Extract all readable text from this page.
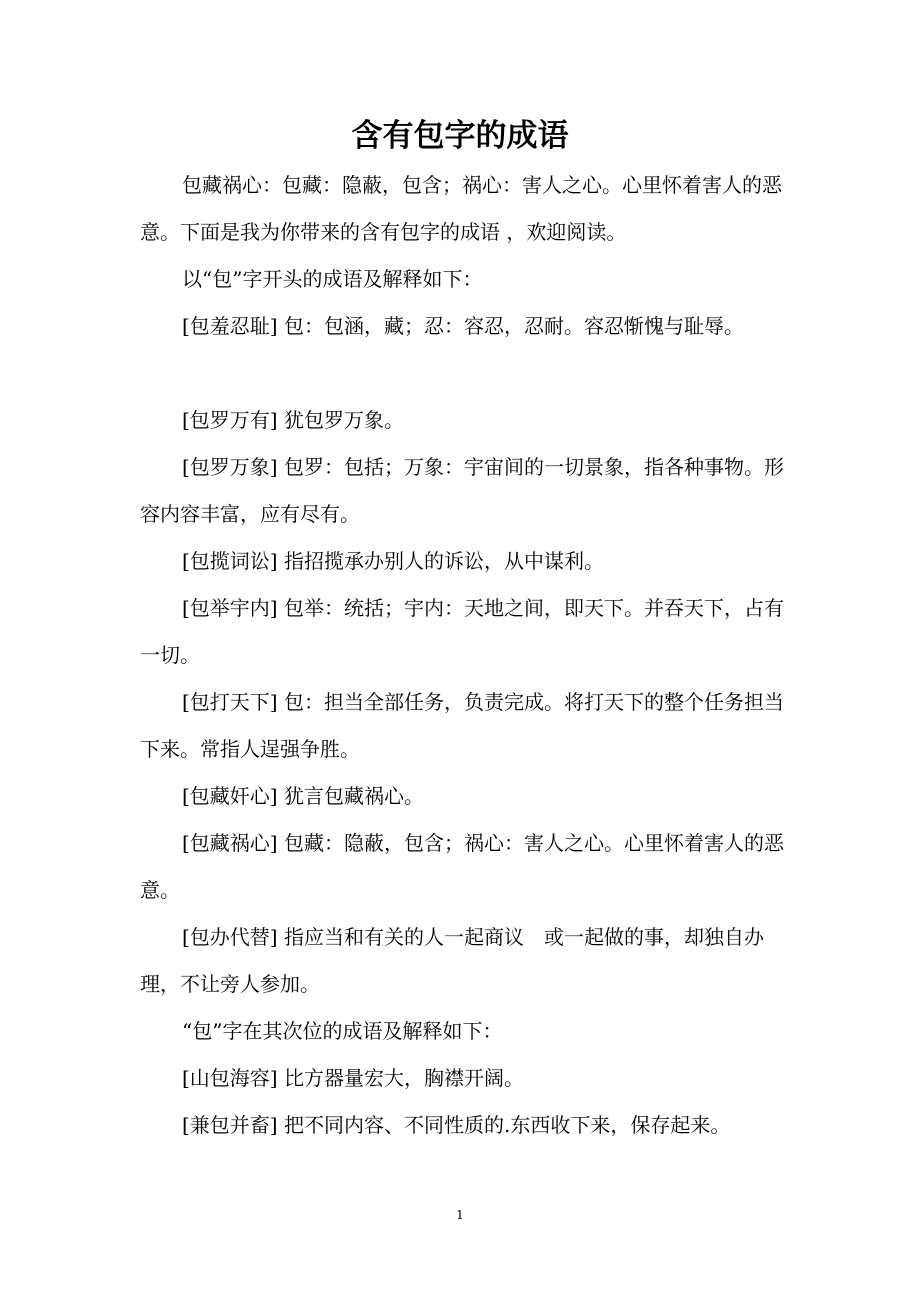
含有包字的成语

包藏祸心：包藏：隐蔽，包含；祸心：害人之心。心里怀着害人的恶意。下面是我为你带来的含有包字的成语 ，欢迎阅读。

以“包”字开头的成语及解释如下：

[包羞忍耻] 包：包涵，藏；忍：容忍，忍耐。容忍惭愧与耻辱。

[包罗万有] 犹包罗万象。

[包罗万象] 包罗：包括；万象：宇宙间的一切景象，指各种事物。形容内容丰富，应有尽有。

[包揽词讼] 指招揽承办别人的诉讼，从中谋利。

[包举宇内] 包举：统括；宇内：天地之间，即天下。并吞天下，占有一切。

[包打天下] 包：担当全部任务，负责完成。将打天下的整个任务担当下来。常指人逞强争胜。

[包藏奸心] 犹言包藏祸心。

[包藏祸心] 包藏：隐蔽，包含；祸心：害人之心。心里怀着害人的恶意。

[包办代替] 指应当和有关的人一起商议　或一起做的事，却独自办理，不让旁人参加。

“包”字在其次位的成语及解释如下：

[山包海容] 比方器量宏大，胸襟开阔。

[兼包并畜] 把不同内容、不同性质的.东西收下来，保存起来。

1
